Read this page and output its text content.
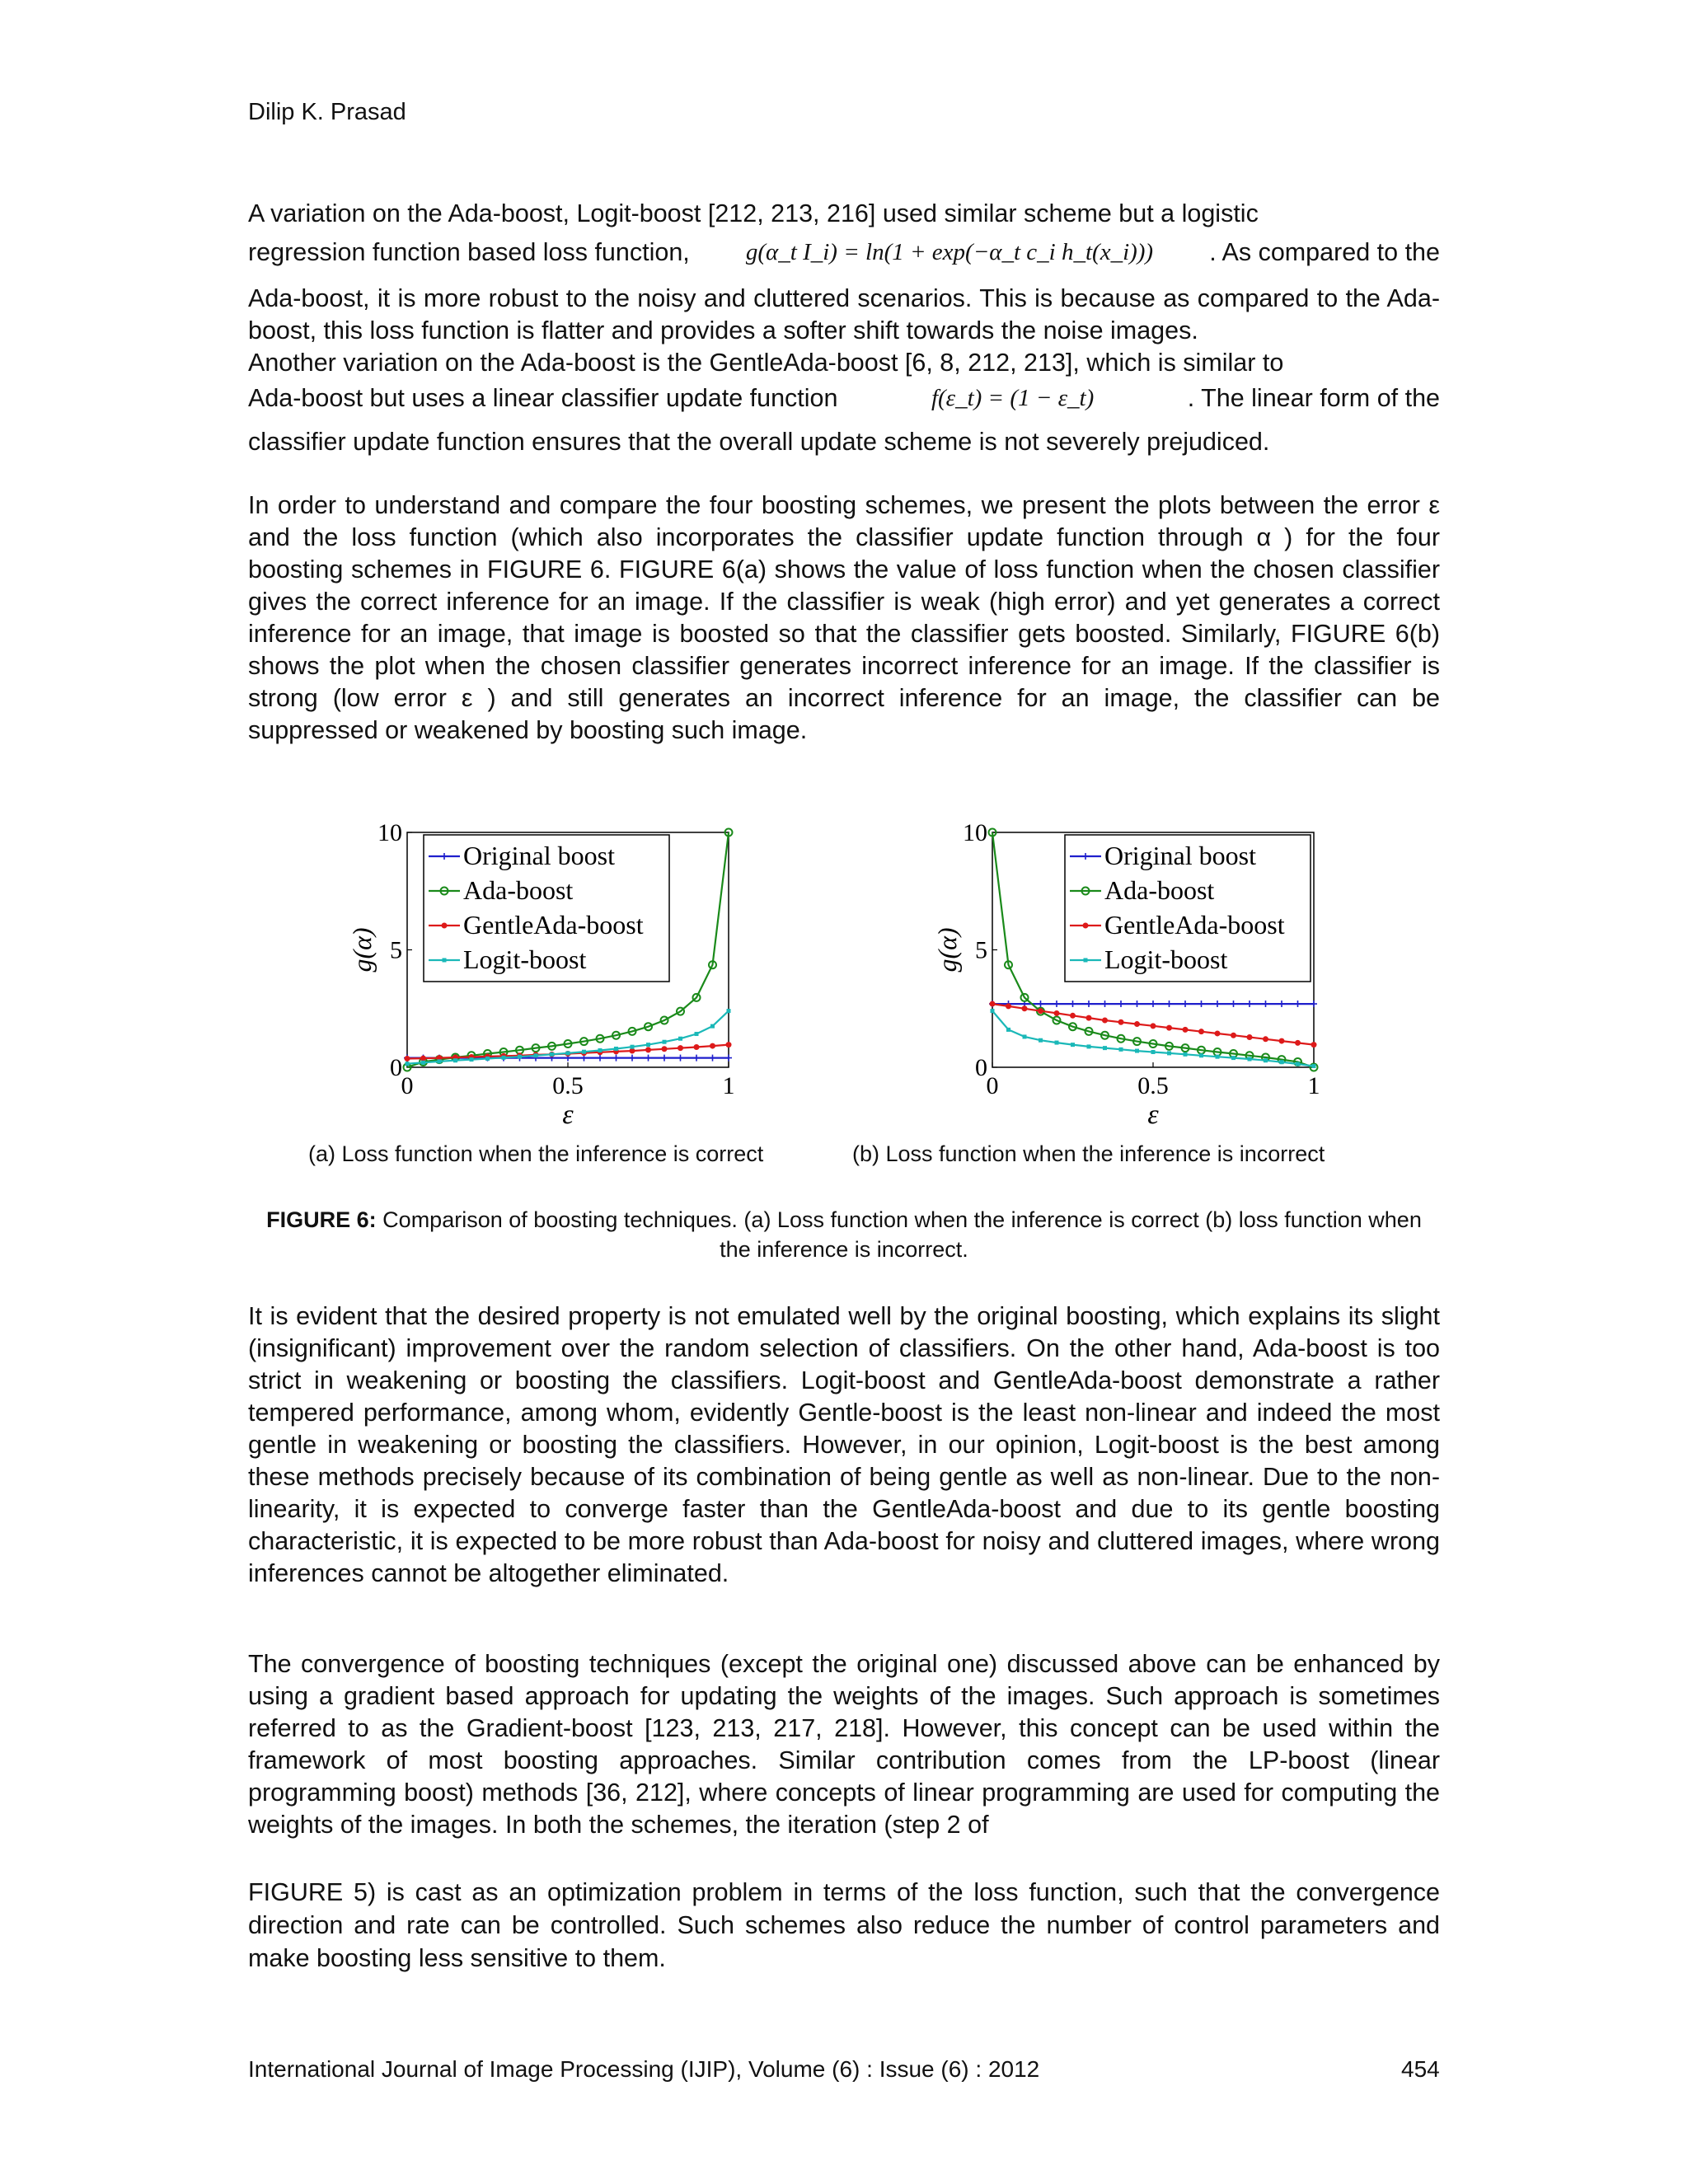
Dilip K. Prasad

A variation on the Ada-boost, Logit-boost [212, 213, 216] used similar scheme but a logistic

regression function based loss function, g(α_t I_i) = ln(1 + exp(−α_t c_i h_t(x_i))) . As compared to the

Ada-boost, it is more robust to the noisy and cluttered scenarios. This is because as compared to the Ada-boost, this loss function is flatter and provides a softer shift towards the noise images.

Another variation on the Ada-boost is the GentleAda-boost [6, 8, 212, 213], which is similar to

Ada-boost but uses a linear classifier update function	f(ε_t) = (1 − ε_t)	. The linear form of the

classifier update function ensures that the overall update scheme is not severely prejudiced.

In order to understand and compare the four boosting schemes, we present the plots between the error ε and the loss function (which also incorporates the classifier update function through α ) for the four boosting schemes in FIGURE 6. FIGURE 6(a) shows the value of loss function when the chosen classifier gives the correct inference for an image. If the classifier is weak (high error) and yet generates a correct inference for an image, that image is boosted so that the classifier gets boosted. Similarly, FIGURE 6(b) shows the plot when the chosen classifier generates incorrect inference for an image. If the classifier is strong (low error ε ) and still generates an incorrect inference for an image, the classifier can be suppressed or weakened by boosting such image.

0
5
10
0	0.5	1
ε
g(α)
Original boost
Ada-boost
GentleAda-boost
Logit-boost
0
5
10
0	0.5	1
ε
g(α)
Original boost
Ada-boost
GentleAda-boost
Logit-boost
(a) Loss function when the inference is correct	(b) Loss function when the inference is incorrect
FIGURE 6: Comparison of boosting techniques. (a) Loss function when the inference is correct (b) loss function when the inference is incorrect.

It is evident that the desired property is not emulated well by the original boosting, which explains its slight (insignificant) improvement over the random selection of classifiers. On the other hand, Ada-boost is too strict in weakening or boosting the classifiers. Logit-boost and GentleAda-boost demonstrate a rather tempered performance, among whom, evidently Gentle-boost is the least non-linear and indeed the most gentle in weakening or boosting the classifiers. However, in our opinion, Logit-boost is the best among these methods precisely because of its combination of being gentle as well as non-linear. Due to the non-linearity, it is expected to converge faster than the GentleAda-boost and due to its gentle boosting characteristic, it is expected to be more robust than Ada-boost for noisy and cluttered images, where wrong inferences cannot be altogether eliminated.

The convergence of boosting techniques (except the original one) discussed above can be enhanced by using a gradient based approach for updating the weights of the images. Such approach is sometimes referred to as the Gradient-boost [123, 213, 217, 218]. However, this concept can be used within the framework of most boosting approaches. Similar contribution comes from the LP-boost (linear programming boost) methods [36, 212], where concepts of linear programming are used for computing the weights of the images. In both the schemes, the iteration (step 2 of

FIGURE 5) is cast as an optimization problem in terms of the loss function, such that the convergence direction and rate can be controlled. Such schemes also reduce the number of control parameters and make boosting less sensitive to them.

International Journal of Image Processing (IJIP), Volume (6) : Issue (6) : 2012	454
